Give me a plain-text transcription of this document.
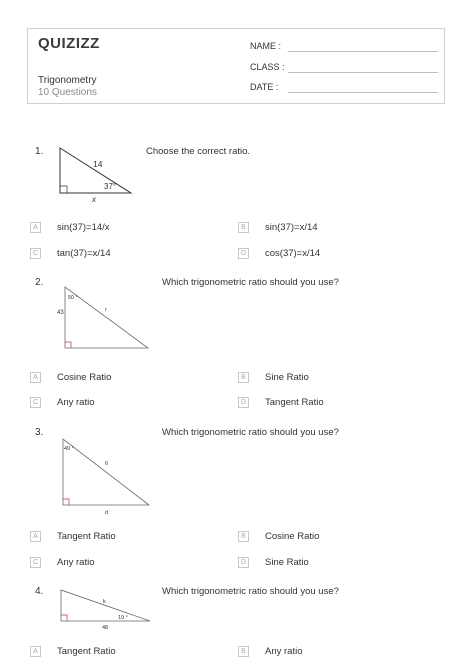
QUIZIZZ
Trigonometry
10 Questions
NAME :
CLASS :
DATE :
1.
14
37°
x
Choose the correct ratio.
A	sin(37)=14/x	B	sin(37)=x/14
C	tan(37)=x/14	D	cos(37)=x/14
2.
50 °
43	r
Which trigonometric ratio should you use?
A	Cosine Ratio	B	Sine Ratio
C	Any ratio	D	Tangent Ratio
3.
49 °
6
d
Which trigonometric ratio should you use?
A	Tangent Ratio	B	Cosine Ratio
C	Any ratio	D	Sine Ratio
4.
k
19 °
48
Which trigonometric ratio should you use?
A	Tangent Ratio	B	Any ratio
